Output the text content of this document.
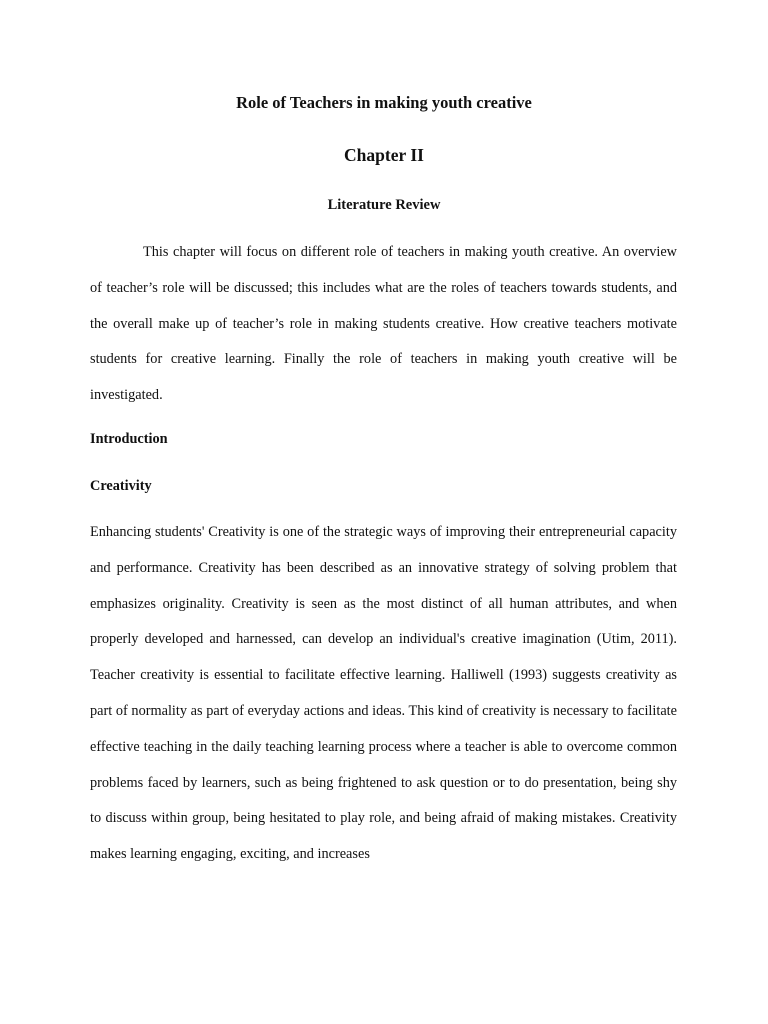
Role of Teachers in making youth creative
Chapter II
Literature Review

This chapter will focus on different role of teachers in making youth creative. An overview of teacher’s role will be discussed; this includes what are the roles of teachers towards students, and the overall make up of teacher’s role in making students creative. How creative teachers motivate students for creative learning. Finally the role of teachers in making youth creative will be investigated.

Introduction
Creativity

Enhancing students' Creativity is one of the strategic ways of improving their entrepreneurial capacity and performance. Creativity has been described as an innovative strategy of solving problem that emphasizes originality. Creativity is seen as the most distinct of all human attributes, and when properly developed and harnessed, can develop an individual's creative imagination (Utim, 2011). Teacher creativity is essential to facilitate effective learning. Halliwell (1993) suggests creativity as part of normality as part of everyday actions and ideas. This kind of creativity is necessary to facilitate effective teaching in the daily teaching learning process where a teacher is able to overcome common problems faced by learners, such as being frightened to ask question or to do presentation, being shy to discuss within group, being hesitated to play role, and being afraid of making mistakes. Creativity makes learning engaging, exciting, and increases
